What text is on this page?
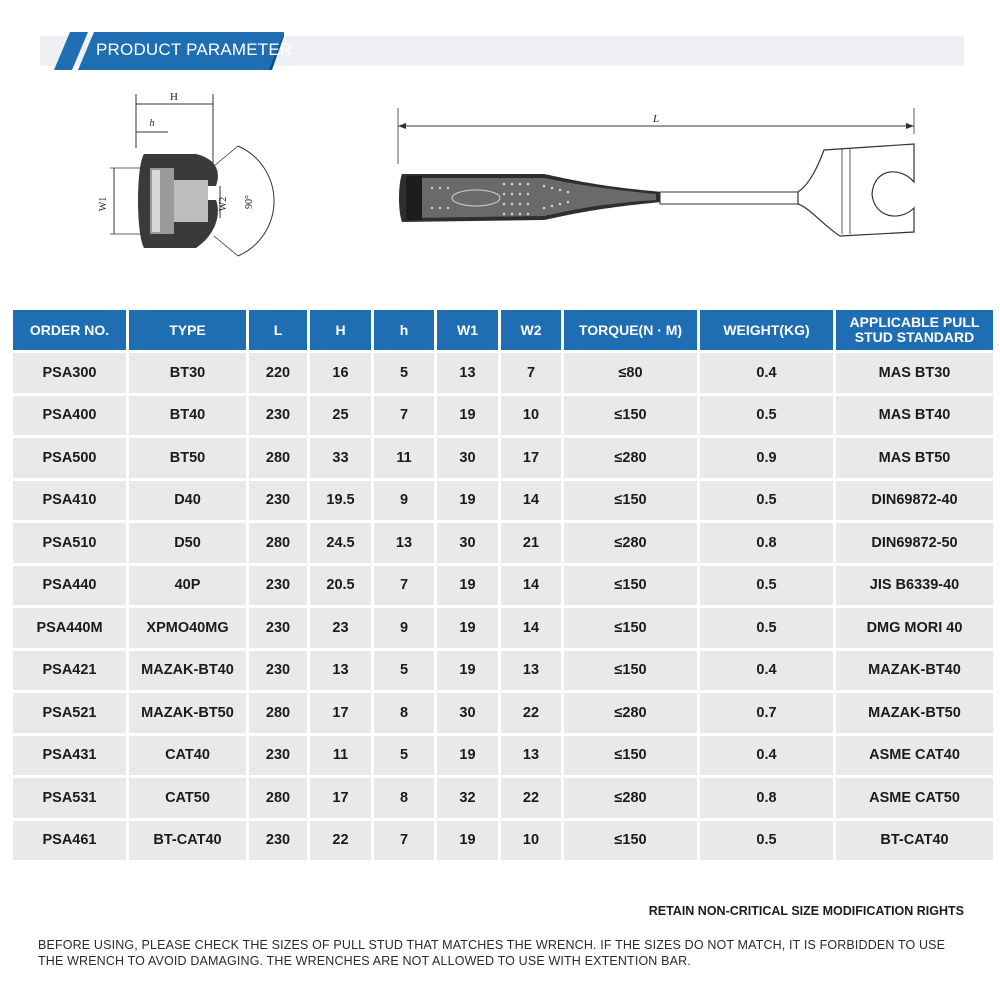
PRODUCT PARAMETER
H
h
W1	W2 90°
L
ORDER NO.	TYPE	L	H	h	W1	W2	TORQUE(N · M)	WEIGHT(KG)	APPLICABLE PULL STUD STANDARD
PSA300	BT30	220	16	5	13	7	≤80	0.4	MAS BT30
PSA400	BT40	230	25	7	19	10	≤150	0.5	MAS BT40
PSA500	BT50	280	33	11	30	17	≤280	0.9	MAS BT50
PSA410	D40	230	19.5	9	19	14	≤150	0.5	DIN69872-40
PSA510	D50	280	24.5	13	30	21	≤280	0.8	DIN69872-50
PSA440	40P	230	20.5	7	19	14	≤150	0.5	JIS B6339-40
PSA440M	XPMO40MG	230	23	9	19	14	≤150	0.5	DMG MORI 40
PSA421	MAZAK-BT40	230	13	5	19	13	≤150	0.4	MAZAK-BT40
PSA521	MAZAK-BT50	280	17	8	30	22	≤280	0.7	MAZAK-BT50
PSA431	CAT40	230	11	5	19	13	≤150	0.4	ASME CAT40
PSA531	CAT50	280	17	8	32	22	≤280	0.8	ASME CAT50
PSA461	BT-CAT40	230	22	7	19	10	≤150	0.5	BT-CAT40
RETAIN NON-CRITICAL SIZE MODIFICATION RIGHTS
BEFORE USING, PLEASE CHECK THE SIZES OF PULL STUD THAT MATCHES THE WRENCH. IF THE SIZES DO NOT MATCH, IT IS FORBIDDEN TO USE THE WRENCH TO AVOID DAMAGING. THE WRENCHES ARE NOT ALLOWED TO USE WITH EXTENTION BAR.
